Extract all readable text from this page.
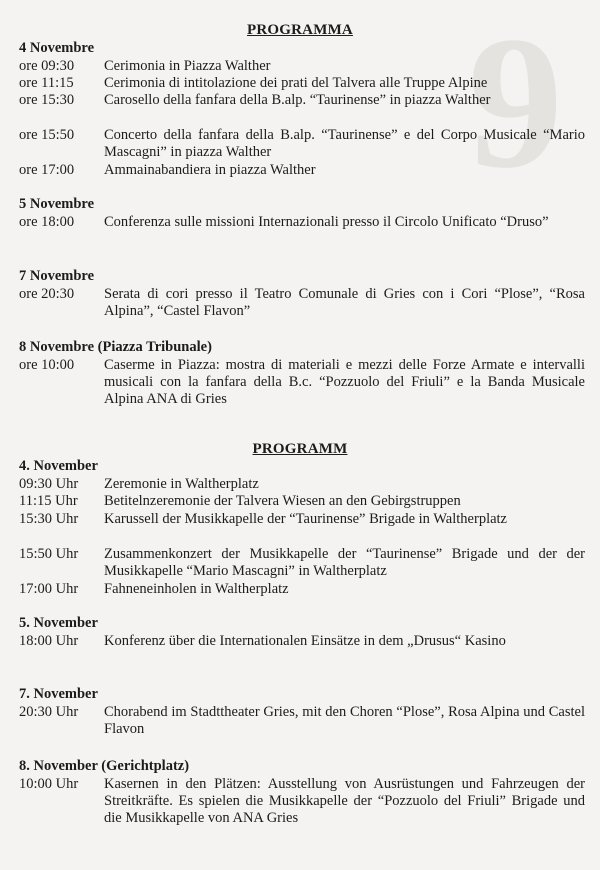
9
PROGRAMMA
4 Novembre
ore 09:30	Cerimonia in Piazza Walther
ore 11:15	Cerimonia di intitolazione dei prati del Talvera alle Truppe Alpine
ore 15:30	Carosello della fanfara della B.alp. “Taurinense” in piazza Walther
ore 15:50	Concerto della fanfara della B.alp. “Taurinense” e del Corpo Musicale “Mario Mascagni” in piazza Walther
ore 17:00	Ammainabandiera in piazza Walther
5 Novembre
ore 18:00	Conferenza sulle missioni Internazionali presso il Circolo Unificato “Druso”
7 Novembre
ore 20:30	Serata di cori presso il Teatro Comunale di Gries con i Cori “Plose”, “Rosa Alpina”, “Castel Flavon”
8 Novembre (Piazza Tribunale)
ore 10:00	Caserme in Piazza: mostra di materiali e mezzi delle Forze Armate e intervalli musicali con la fanfara della B.c. “Pozzuolo del Friuli” e la Banda Musicale Alpina ANA di Gries
PROGRAMM
4. November
09:30 Uhr	Zeremonie in Waltherplatz
11:15 Uhr	Betitelnzeremonie der Talvera Wiesen an den Gebirgstruppen
15:30 Uhr	Karussell der Musikkapelle der “Taurinense” Brigade in Waltherplatz
15:50 Uhr	Zusammenkonzert der Musikkapelle der “Taurinense” Brigade und der der Musikkapelle “Mario Mascagni” in Waltherplatz
17:00 Uhr	Fahneneinholen in Waltherplatz
5. November
18:00 Uhr	Konferenz über die Internationalen Einsätze in dem „Drusus“ Kasino
7. November
20:30 Uhr	Chorabend im Stadttheater Gries, mit den Choren “Plose”, Rosa Alpina und Castel Flavon
8. November (Gerichtplatz)
10:00 Uhr	Kasernen in den Plätzen: Ausstellung von Ausrüstungen und Fahrzeugen der Streitkräfte. Es spielen die Musikkapelle der “Pozzuolo del Friuli” Brigade und die Musikkapelle von ANA Gries
